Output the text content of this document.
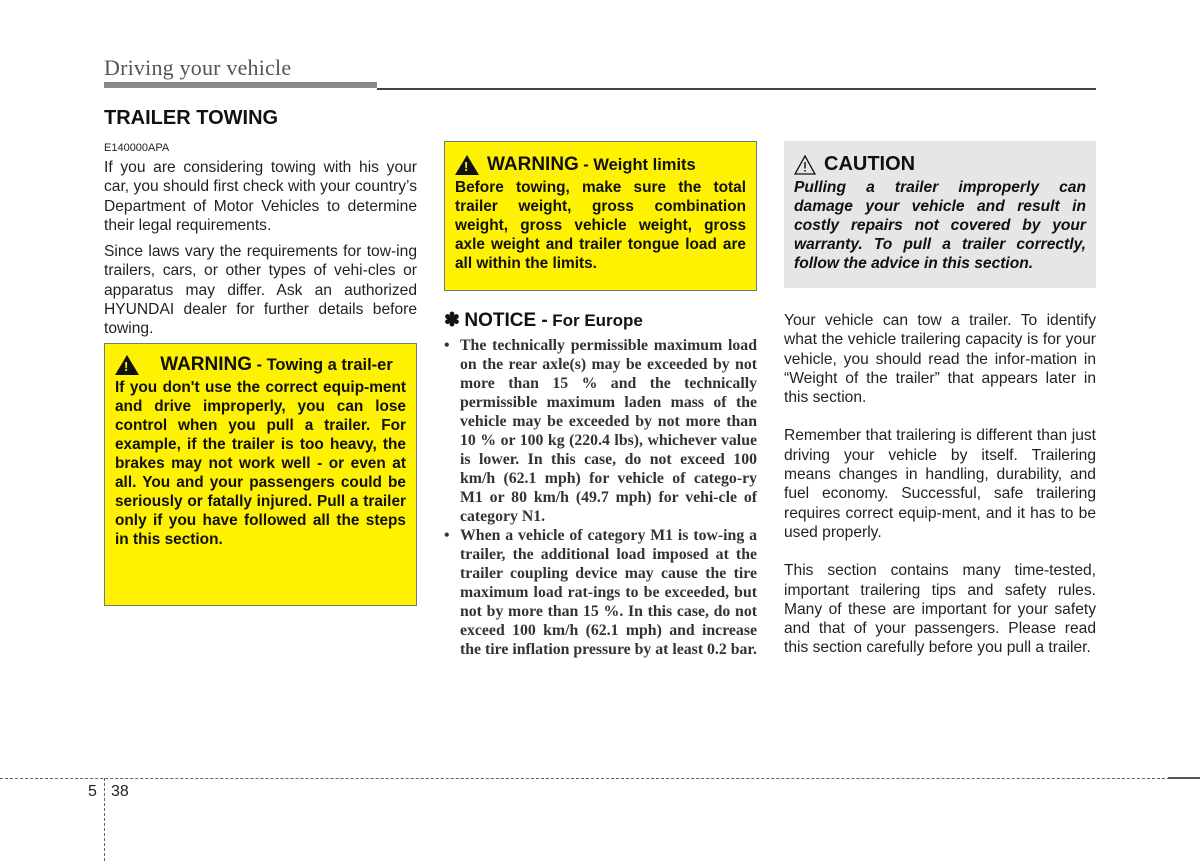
Driving your vehicle
TRAILER TOWING
E140000APA

If you are considering towing with his your car, you should first check with your country’s Department of Motor Vehicles to determine their legal requirements.

Since laws vary the requirements for tow-ing trailers, cars, or other types of vehi-cles or apparatus may differ. Ask an authorized HYUNDAI dealer for further details before towing.

!
WARNING - Towing a trail-er
If you don't use the correct equip-ment and drive improperly, you can lose control when you pull a trailer. For example, if the trailer is too heavy, the brakes may not work well - or even at all. You and your passengers could be seriously or fatally injured. Pull a trailer only if you have followed all the steps in this section.
!
WARNING - Weight limits
Before towing, make sure the total trailer weight, gross combination weight, gross vehicle weight, gross axle weight and trailer tongue load are all within the limits.
✽ NOTICE - For Europe
• The technically permissible maximum load on the rear axle(s) may be exceeded by not more than 15 % and the technically permissible maximum laden mass of the vehicle may be exceeded by not more than 10 % or 100 kg (220.4 lbs), whichever value is lower. In this case, do not exceed 100 km/h (62.1 mph) for vehicle of catego-ry M1 or 80 km/h (49.7 mph) for vehi-cle of category N1.
• When a vehicle of category M1 is tow-ing a trailer, the additional load imposed at the trailer coupling device may cause the tire maximum load rat-ings to be exceeded, but not by more than 15 %. In this case, do not exceed 100 km/h (62.1 mph) and increase the tire inflation pressure by at least 0.2 bar.
CAUTION
Pulling a trailer improperly can damage your vehicle and result in costly repairs not covered by your warranty. To pull a trailer correctly, follow the advice in this section.

Your vehicle can tow a trailer. To identify what the vehicle trailering capacity is for your vehicle, you should read the infor-mation in “Weight of the trailer” that appears later in this section.

Remember that trailering is different than just driving your vehicle by itself. Trailering means changes in handling, durability, and fuel economy. Successful, safe trailering requires correct equip-ment, and it has to be used properly.

This section contains many time-tested, important trailering tips and safety rules. Many of these are important for your safety and that of your passengers. Please read this section carefully before you pull a trailer.

5 38
